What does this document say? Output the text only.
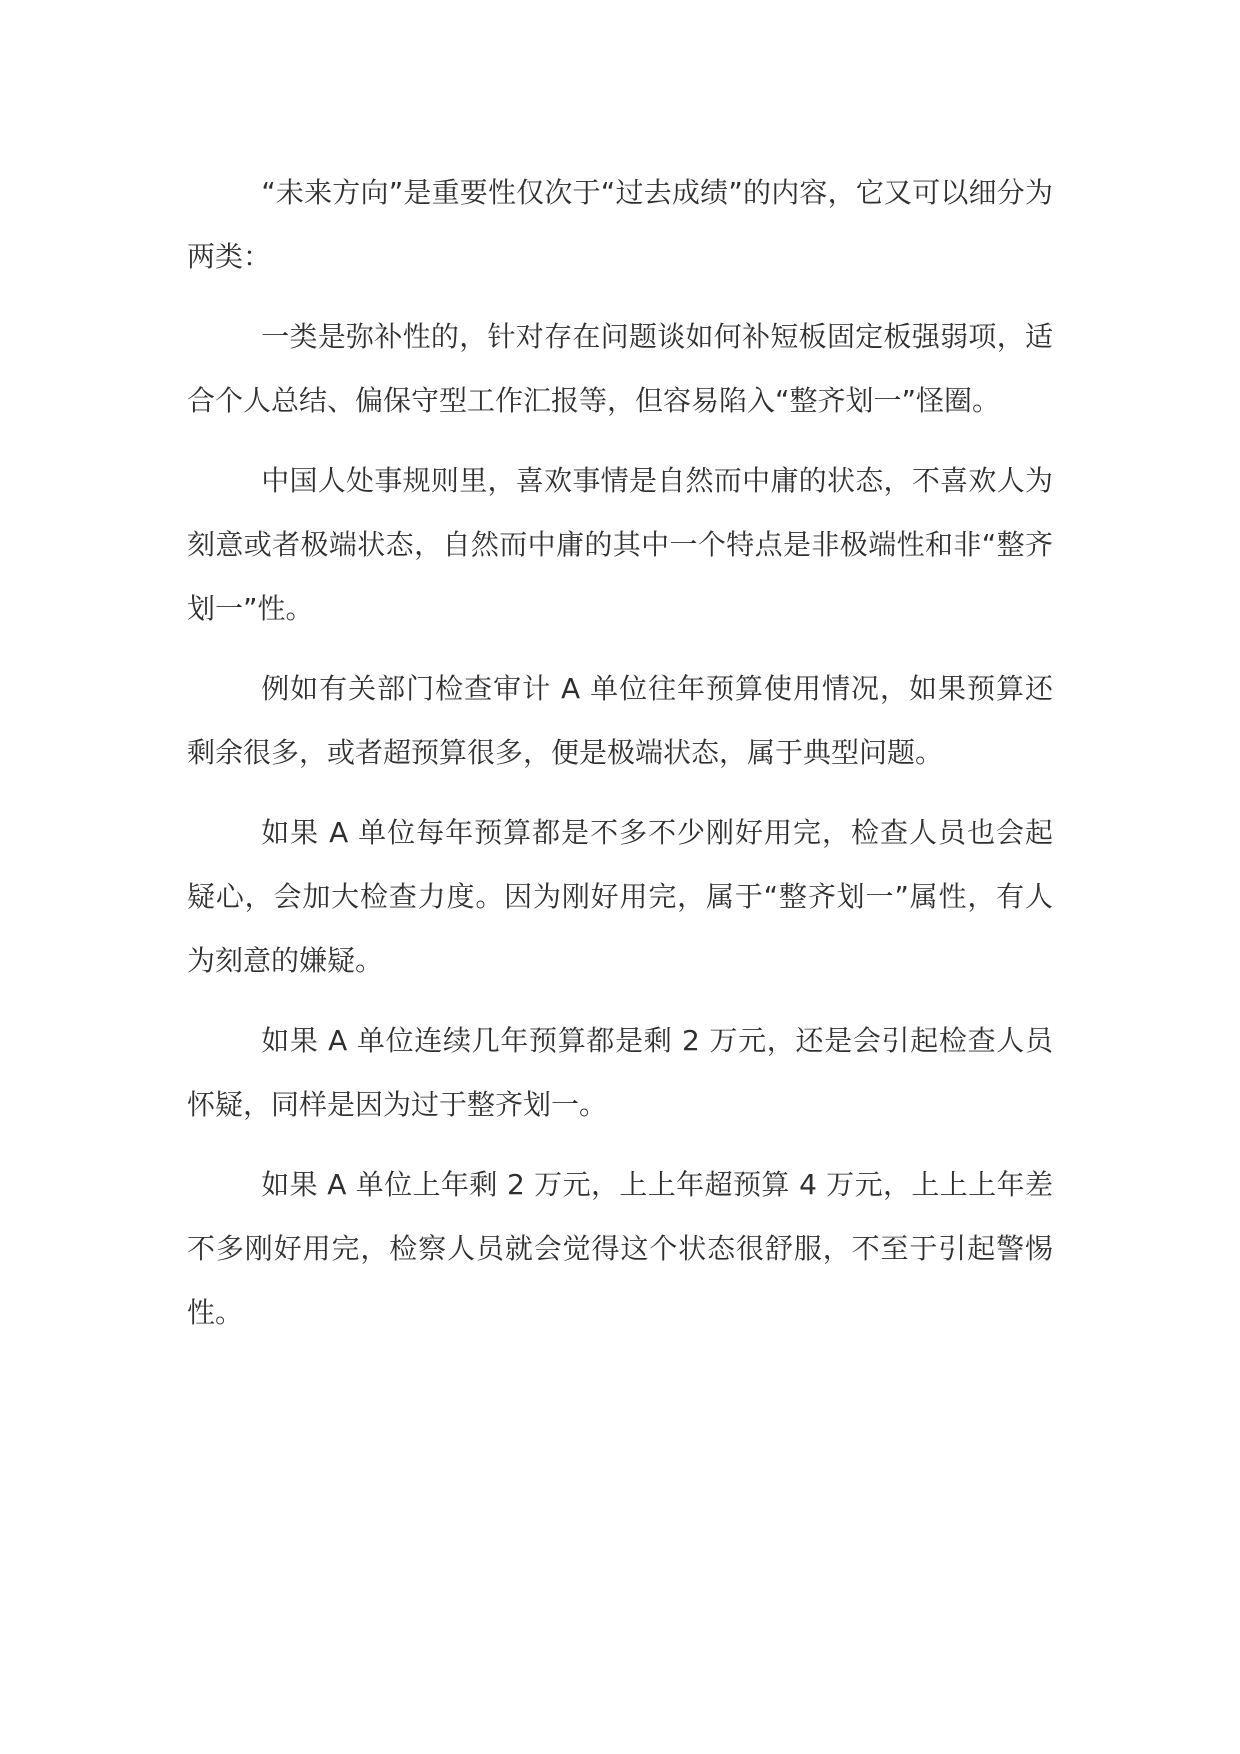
“未来方向”是重要性仅次于“过去成绩”的内容，它又可以细分为两类：

一类是弥补性的，针对存在问题谈如何补短板固定板强弱项，适合个人总结、偏保守型工作汇报等，但容易陷入“整齐划一”怪圈。

中国人处事规则里，喜欢事情是自然而中庸的状态，不喜欢人为刻意或者极端状态，自然而中庸的其中一个特点是非极端性和非“整齐划一”性。

例如有关部门检查审计 A 单位往年预算使用情况，如果预算还剩余很多，或者超预算很多，便是极端状态，属于典型问题。

如果 A 单位每年预算都是不多不少刚好用完，检查人员也会起疑心，会加大检查力度。因为刚好用完，属于“整齐划一”属性，有人为刻意的嫌疑。

如果 A 单位连续几年预算都是剩 2 万元，还是会引起检查人员怀疑，同样是因为过于整齐划一。

如果 A 单位上年剩 2 万元，上上年超预算 4 万元，上上上年差不多刚好用完，检察人员就会觉得这个状态很舒服，不至于引起警惕性。
